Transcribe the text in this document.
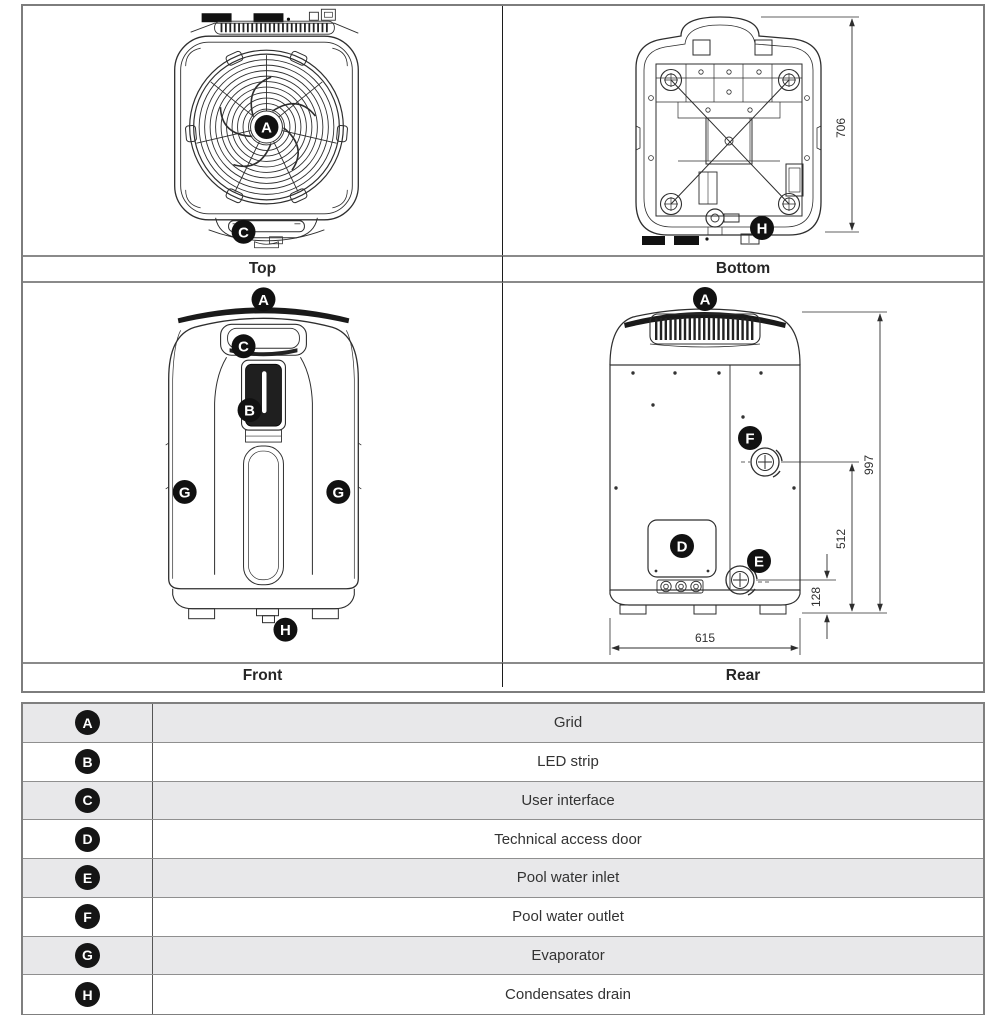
A
C
706
H
Top	Bottom
A
C
B
G	G
H
997
512
128
615
A
F
E
D
Front	Rear
A	Grid
B	LED strip
C	User interface
D	Technical access door
E	Pool water inlet
F	Pool water outlet
G	Evaporator
H	Condensates drain
